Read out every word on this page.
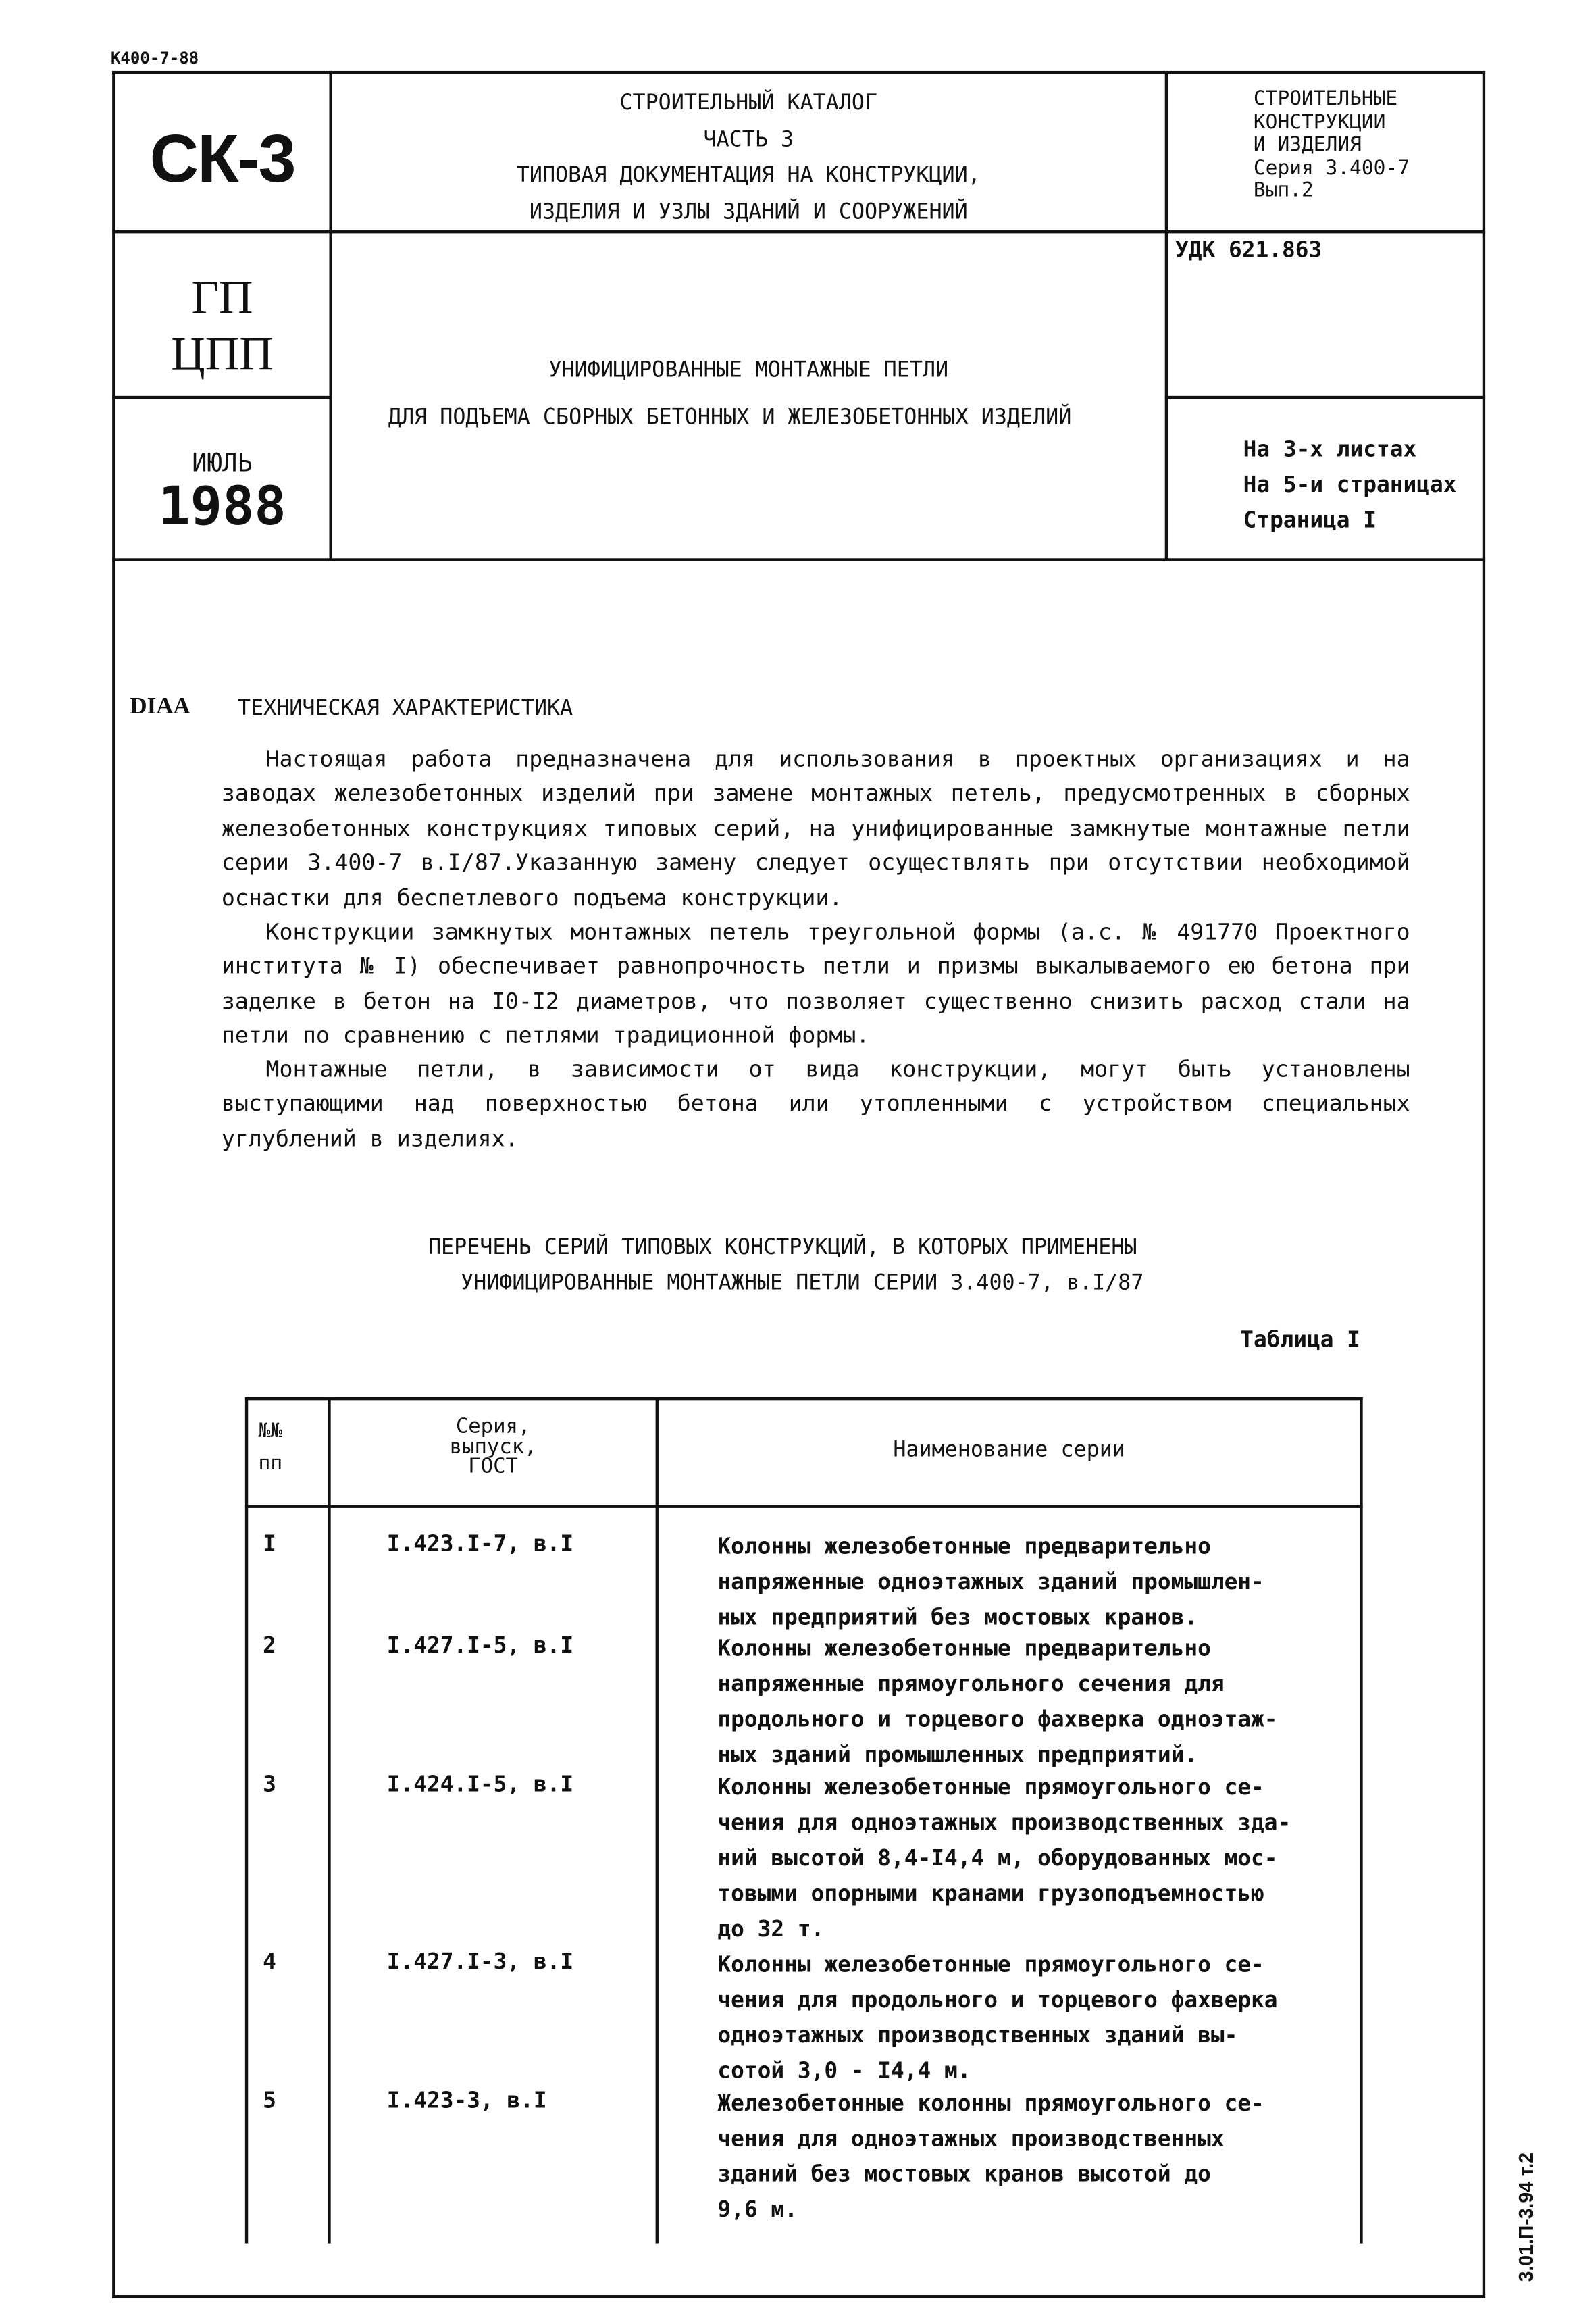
К400-7-88
СК-3
ГП
ЦПП
ИЮЛЬ
1988
СТРОИТЕЛЬНЫЙ КАТАЛОГ
ЧАСТЬ 3
ТИПОВАЯ ДОКУМЕНТАЦИЯ НА КОНСТРУКЦИИ,
ИЗДЕЛИЯ И УЗЛЫ ЗДАНИЙ И СООРУЖЕНИЙ
УНИФИЦИРОВАННЫЕ МОНТАЖНЫЕ ПЕТЛИ
ДЛЯ ПОДЪЕМА СБОРНЫХ БЕТОННЫХ И ЖЕЛЕЗОБЕТОННЫХ ИЗДЕЛИЙ
СТРОИТЕЛЬНЫЕ
КОНСТРУКЦИИ
И ИЗДЕЛИЯ
Серия 3.400-7
Вып.2
УДК 621.863
На 3-х листах
На 5-и страницах
Страница I
DIAA	ТЕХНИЧЕСКАЯ ХАРАКТЕРИСТИКА
Настоящая работа предназначена для использования в проектных организациях и на заводах железобетонных изделий при замене монтажных петель, предусмотренных в сборных железобетонных конструкциях типовых серий, на унифицированные замкнутые монтажные петли серии 3.400-7 в.I/87.Указанную замену следует осуществлять при отсутствии необходимой оснастки для беспетлевого подъема конструкции.
Конструкции замкнутых монтажных петель треугольной формы (а.с. № 491770 Проектного института № I) обеспечивает равнопрочность петли и призмы выкалываемого ею бетона при заделке в бетон на I0-I2 диаметров, что позволяет существенно снизить расход стали на петли по сравнению с петлями традиционной формы.
Монтажные петли, в зависимости от вида конструкции, могут быть установлены выступающими над поверхностью бетона или утопленными с устройством специальных углублений в изделиях.
ПЕРЕЧЕНЬ СЕРИЙ ТИПОВЫХ КОНСТРУКЦИЙ, В КОТОРЫХ ПРИМЕНЕНЫ
УНИФИЦИРОВАННЫЕ МОНТАЖНЫЕ ПЕТЛИ СЕРИИ 3.400-7, в.I/87
Таблица I
№№
пп
Серия,
выпуск,
ГОСТ
Наименование серии
I	I.423.I-7, в.I	Колонны железобетонные предварительно

напряженные одноэтажных зданий промышлен-

ных предприятий без мостовых кранов.

2	I.427.I-5, в.I	Колонны железобетонные предварительно

напряженные прямоугольного сечения для

продольного и торцевого фахверка одноэтаж-

ных зданий промышленных предприятий.

3	I.424.I-5, в.I	Колонны железобетонные прямоугольного се-

чения для одноэтажных производственных зда-

ний высотой 8,4-I4,4 м, оборудованных мос-

товыми опорными кранами грузоподъемностью

до 32 т.

4	I.427.I-3, в.I	Колонны железобетонные прямоугольного се-

чения для продольного и торцевого фахверка

одноэтажных производственных зданий вы-

сотой 3,0 - I4,4 м.

5	I.423-3, в.I	Железобетонные колонны прямоугольного се-

чения для одноэтажных производственных

зданий без мостовых кранов высотой до

9,6 м.	3.01.П-3.94 т.2
